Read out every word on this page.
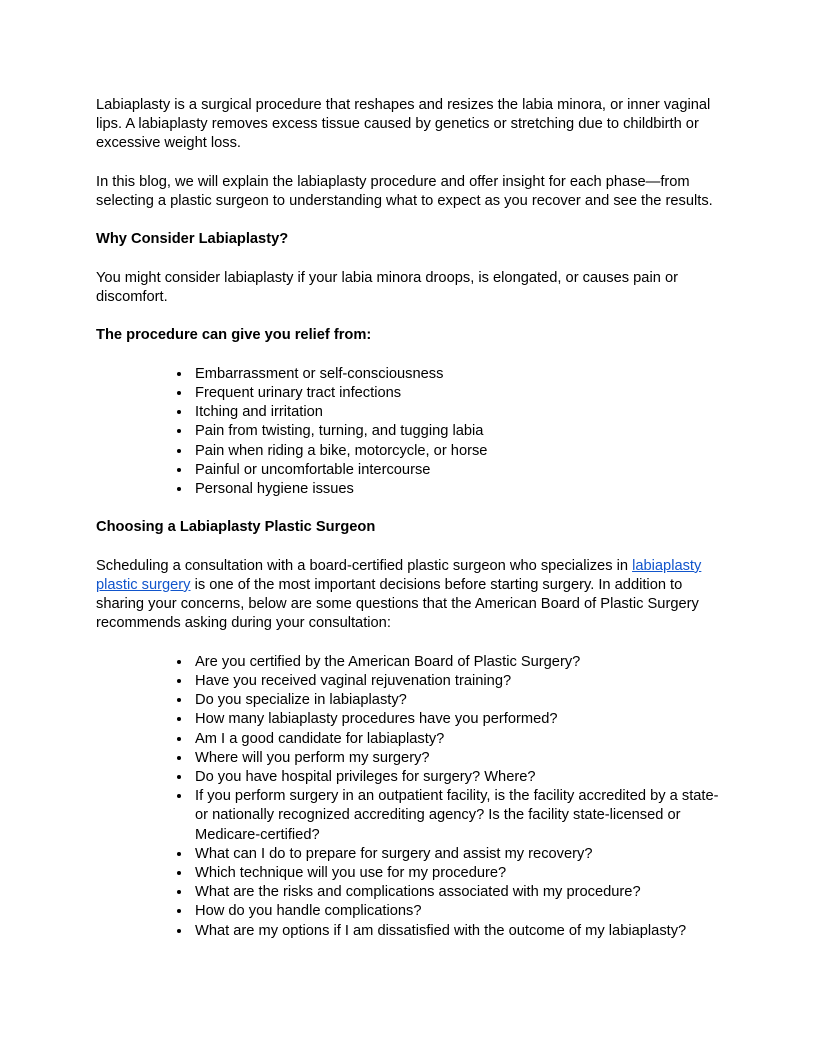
Labiaplasty is a surgical procedure that reshapes and resizes the labia minora, or inner vaginal lips. A labiaplasty removes excess tissue caused by genetics or stretching due to childbirth or excessive weight loss.

In this blog, we will explain the labiaplasty procedure and offer insight for each phase—from selecting a plastic surgeon to understanding what to expect as you recover and see the results.

Why Consider Labiaplasty?

You might consider labiaplasty if your labia minora droops, is elongated, or causes pain or discomfort.

The procedure can give you relief from:
• Embarrassment or self-consciousness
• Frequent urinary tract infections
• Itching and irritation
• Pain from twisting, turning, and tugging labia
• Pain when riding a bike, motorcycle, or horse
• Painful or uncomfortable intercourse
• Personal hygiene issues
Choosing a Labiaplasty Plastic Surgeon

Scheduling a consultation with a board-certified plastic surgeon who specializes in labiaplasty plastic surgery is one of the most important decisions before starting surgery. In addition to sharing your concerns, below are some questions that the American Board of Plastic Surgery recommends asking during your consultation:

• Are you certified by the American Board of Plastic Surgery?
• Have you received vaginal rejuvenation training?
• Do you specialize in labiaplasty?
• How many labiaplasty procedures have you performed?
• Am I a good candidate for labiaplasty?
• Where will you perform my surgery?
• Do you have hospital privileges for surgery? Where?
• If you perform surgery in an outpatient facility, is the facility accredited by a state- or nationally recognized accrediting agency? Is the facility state-licensed or Medicare-certified?
• What can I do to prepare for surgery and assist my recovery?
• Which technique will you use for my procedure?
• What are the risks and complications associated with my procedure?
• How do you handle complications?
• What are my options if I am dissatisfied with the outcome of my labiaplasty?
